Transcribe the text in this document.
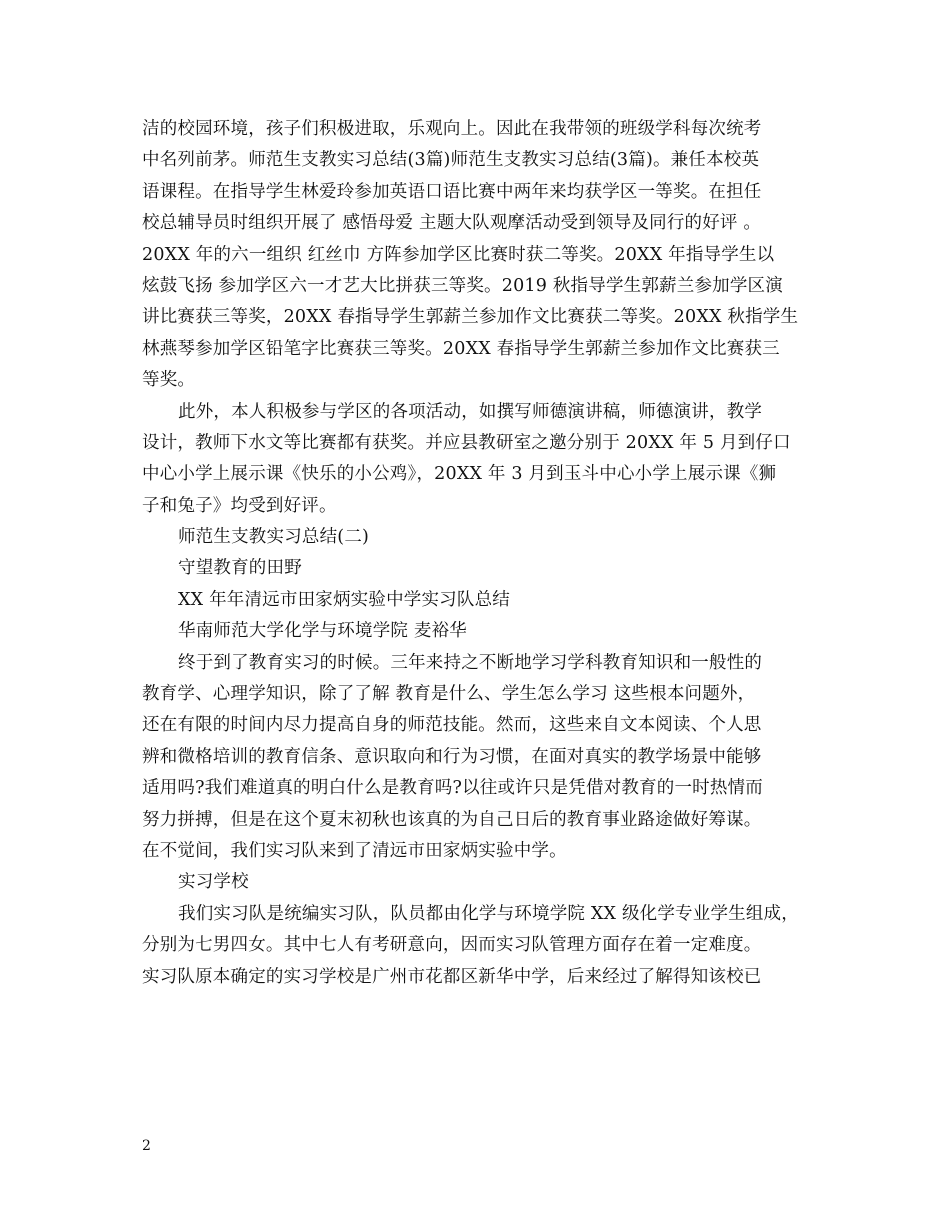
洁的校园环境，孩子们积极进取，乐观向上。因此在我带领的班级学科每次统考
中名列前茅。师范生支教实习总结(3篇)师范生支教实习总结(3篇)。兼任本校英
语课程。在指导学生林爱玲参加英语口语比赛中两年来均获学区一等奖。在担任
校总辅导员时组织开展了 感悟母爱 主题大队观摩活动受到领导及同行的好评 。
20XX 年的六一组织 红丝巾 方阵参加学区比赛时获二等奖。20XX 年指导学生以
炫鼓飞扬 参加学区六一才艺大比拼获三等奖。2019 秋指导学生郭薪兰参加学区演
讲比赛获三等奖，20XX 春指导学生郭薪兰参加作文比赛获二等奖。20XX 秋指学生
林燕琴参加学区铅笔字比赛获三等奖。20XX 春指导学生郭薪兰参加作文比赛获三
等奖。
此外，本人积极参与学区的各项活动，如撰写师德演讲稿，师德演讲，教学
设计，教师下水文等比赛都有获奖。并应县教研室之邀分别于 20XX 年 5 月到仔口
中心小学上展示课《快乐的小公鸡》，20XX 年 3 月到玉斗中心小学上展示课《狮
子和兔子》均受到好评。
师范生支教实习总结(二)
守望教育的田野
XX 年年清远市田家炳实验中学实习队总结
华南师范大学化学与环境学院 麦裕华
终于到了教育实习的时候。三年来持之不断地学习学科教育知识和一般性的
教育学、心理学知识，除了了解 教育是什么、学生怎么学习 这些根本问题外，
还在有限的时间内尽力提高自身的师范技能。然而，这些来自文本阅读、个人思
辨和微格培训的教育信条、意识取向和行为习惯，在面对真实的教学场景中能够
适用吗?我们难道真的明白什么是教育吗?以往或许只是凭借对教育的一时热情而
努力拼搏，但是在这个夏末初秋也该真的为自己日后的教育事业路途做好筹谋。
在不觉间，我们实习队来到了清远市田家炳实验中学。
实习学校
我们实习队是统编实习队，队员都由化学与环境学院 XX 级化学专业学生组成，
分别为七男四女。其中七人有考研意向，因而实习队管理方面存在着一定难度。
实习队原本确定的实习学校是广州市花都区新华中学，后来经过了解得知该校已
2
